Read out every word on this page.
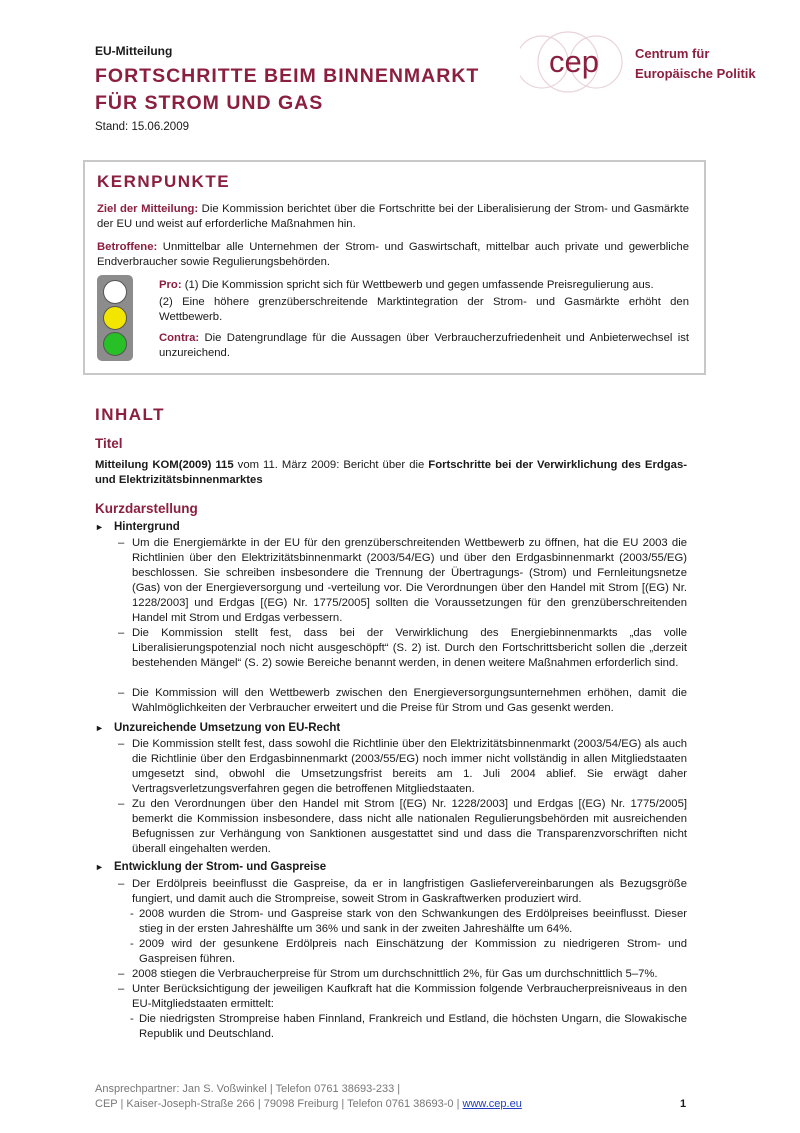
EU-Mitteilung
FORTSCHRITTE BEIM BINNENMARKT
FÜR STROM UND GAS
Stand: 15.06.2009
cep	Centrum für
Europäische Politik
KERNPUNKTE
Ziel der Mitteilung: Die Kommission berichtet über die Fortschritte bei der Liberalisierung der Strom- und Gasmärkte der EU und weist auf erforderliche Maßnahmen hin.
Betroffene: Unmittelbar alle Unternehmen der Strom- und Gaswirtschaft, mittelbar auch private und gewerbliche Endverbraucher sowie Regulierungsbehörden.
Pro: (1) Die Kommission spricht sich für Wettbewerb und gegen umfassende Preisregulierung aus.
(2) Eine höhere grenzüberschreitende Marktintegration der Strom- und Gasmärkte erhöht den Wettbewerb.
Contra: Die Datengrundlage für die Aussagen über Verbraucherzufriedenheit und Anbieterwechsel ist unzureichend.
INHALT
Titel
Mitteilung KOM(2009) 115 vom 11. März 2009: Bericht über die Fortschritte bei der Verwirklichung des Erdgas- und Elektrizitätsbinnenmarktes
Kurzdarstellung
► Hintergrund
– Um die Energiemärkte in der EU für den grenzüberschreitenden Wettbewerb zu öffnen, hat die EU 2003 die Richtlinien über den Elektrizitätsbinnenmarkt (2003/54/EG) und über den Erdgasbinnenmarkt (2003/55/EG) beschlossen. Sie schreiben insbesondere die Trennung der Übertragungs- (Strom) und Fernleitungsnetze (Gas) von der Energieversorgung und -verteilung vor. Die Verordnungen über den Handel mit Strom [(EG) Nr. 1228/2003] und Erdgas [(EG) Nr. 1775/2005] sollten die Voraussetzungen für den grenzüberschreitenden Handel mit Strom und Erdgas verbessern.
– Die Kommission stellt fest, dass bei der Verwirklichung des Energiebinnenmarkts „das volle Liberalisierungspotenzial noch nicht ausgeschöpft“ (S. 2) ist. Durch den Fortschrittsbericht sollen die „derzeit bestehenden Mängel“ (S. 2) sowie Bereiche benannt werden, in denen weitere Maßnahmen erforderlich sind.
– Die Kommission will den Wettbewerb zwischen den Energieversorgungsunternehmen erhöhen, damit die Wahlmöglichkeiten der Verbraucher erweitert und die Preise für Strom und Gas gesenkt werden.
► Unzureichende Umsetzung von EU-Recht
– Die Kommission stellt fest, dass sowohl die Richtlinie über den Elektrizitätsbinnenmarkt (2003/54/EG) als auch die Richtlinie über den Erdgasbinnenmarkt (2003/55/EG) noch immer nicht vollständig in allen Mitgliedstaaten umgesetzt sind, obwohl die Umsetzungsfrist bereits am 1. Juli 2004 ablief. Sie erwägt daher Vertragsverletzungsverfahren gegen die betroffenen Mitgliedstaaten.
– Zu den Verordnungen über den Handel mit Strom [(EG) Nr. 1228/2003] und Erdgas [(EG) Nr. 1775/2005] bemerkt die Kommission insbesondere, dass nicht alle nationalen Regulierungsbehörden mit ausreichenden Befugnissen zur Verhängung von Sanktionen ausgestattet sind und dass die Transparenzvorschriften nicht überall eingehalten werden.
► Entwicklung der Strom- und Gaspreise
– Der Erdölpreis beeinflusst die Gaspreise, da er in langfristigen Gasliefervereinbarungen als Bezugsgröße fungiert, und damit auch die Strompreise, soweit Strom in Gaskraftwerken produziert wird.
- 2008 wurden die Strom- und Gaspreise stark von den Schwankungen des Erdölpreises beeinflusst. Dieser stieg in der ersten Jahreshälfte um 36% und sank in der zweiten Jahreshälfte um 64%.
- 2009 wird der gesunkene Erdölpreis nach Einschätzung der Kommission zu niedrigeren Strom- und Gaspreisen führen.
– 2008 stiegen die Verbraucherpreise für Strom um durchschnittlich 2%, für Gas um durchschnittlich 5–7%.
– Unter Berücksichtigung der jeweiligen Kaufkraft hat die Kommission folgende Verbraucherpreisniveaus in den EU-Mitgliedstaaten ermittelt:
- Die niedrigsten Strompreise haben Finnland, Frankreich und Estland, die höchsten Ungarn, die Slowakische Republik und Deutschland.
Ansprechpartner: Jan S. Voßwinkel | Telefon 0761 38693-233 |
CEP | Kaiser-Joseph-Straße 266 | 79098 Freiburg | Telefon 0761 38693-0 | www.cep.eu	1
